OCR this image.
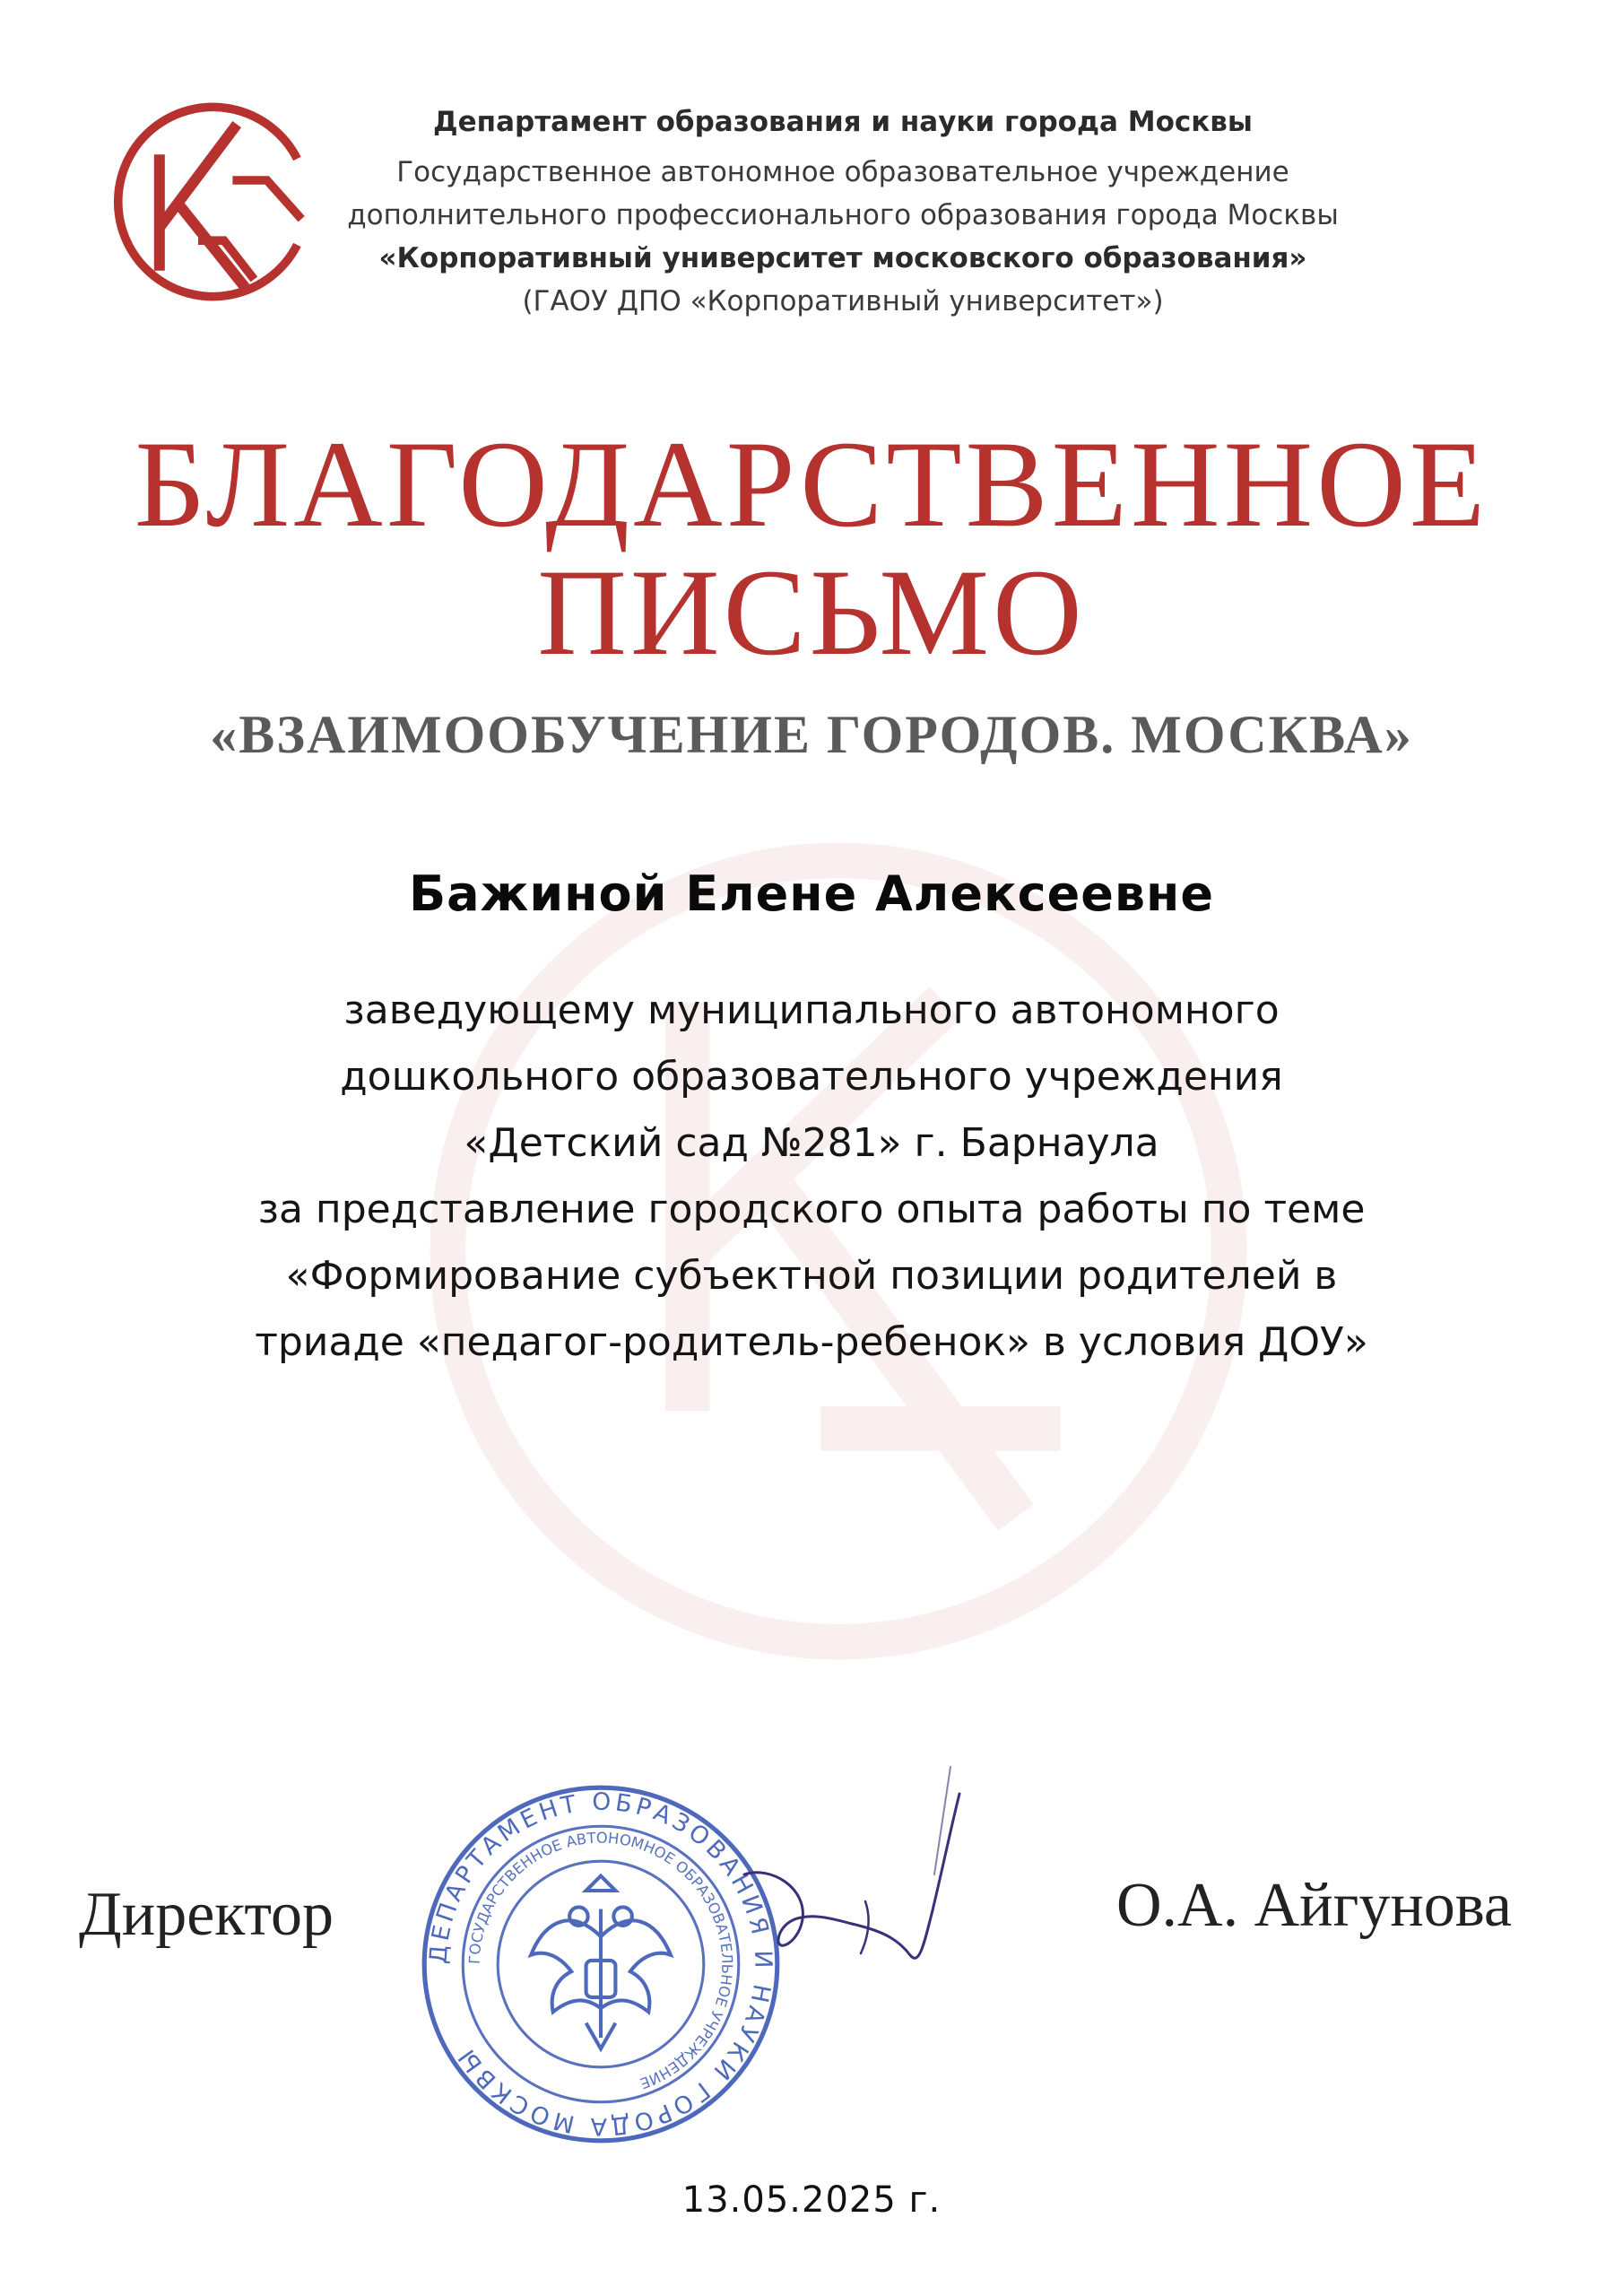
Департамент образования и науки города Москвы
Государственное автономное образовательное учреждение
дополнительного профессионального образования города Москвы
«Корпоративный университет московского образования»
(ГАОУ ДПО «Корпоративный университет»)
БЛАГОДАРСТВЕННОЕ
ПИСЬМО
«ВЗАИМООБУЧЕНИЕ ГОРОДОВ. МОСКВА»
Бажиной Елене Алексеевне
заведующему муниципального автономного
дошкольного образовательного учреждения
«Детский сад №281» г. Барнаула
за представление городского опыта работы по теме
«Формирование субъектной позиции родителей в
триаде «педагог-родитель-ребенок» в условия ДОУ»
ДЕПАРТАМЕНТ ОБРАЗОВАНИЯ И НАУКИ ГОРОДА МОСКВЫ
ГОСУДАРСТВЕННОЕ АВТОНОМНОЕ ОБРАЗОВАТЕЛЬНОЕ УЧРЕЖДЕНИЕ
Директор	О.А. Айгунова
13.05.2025 г.
